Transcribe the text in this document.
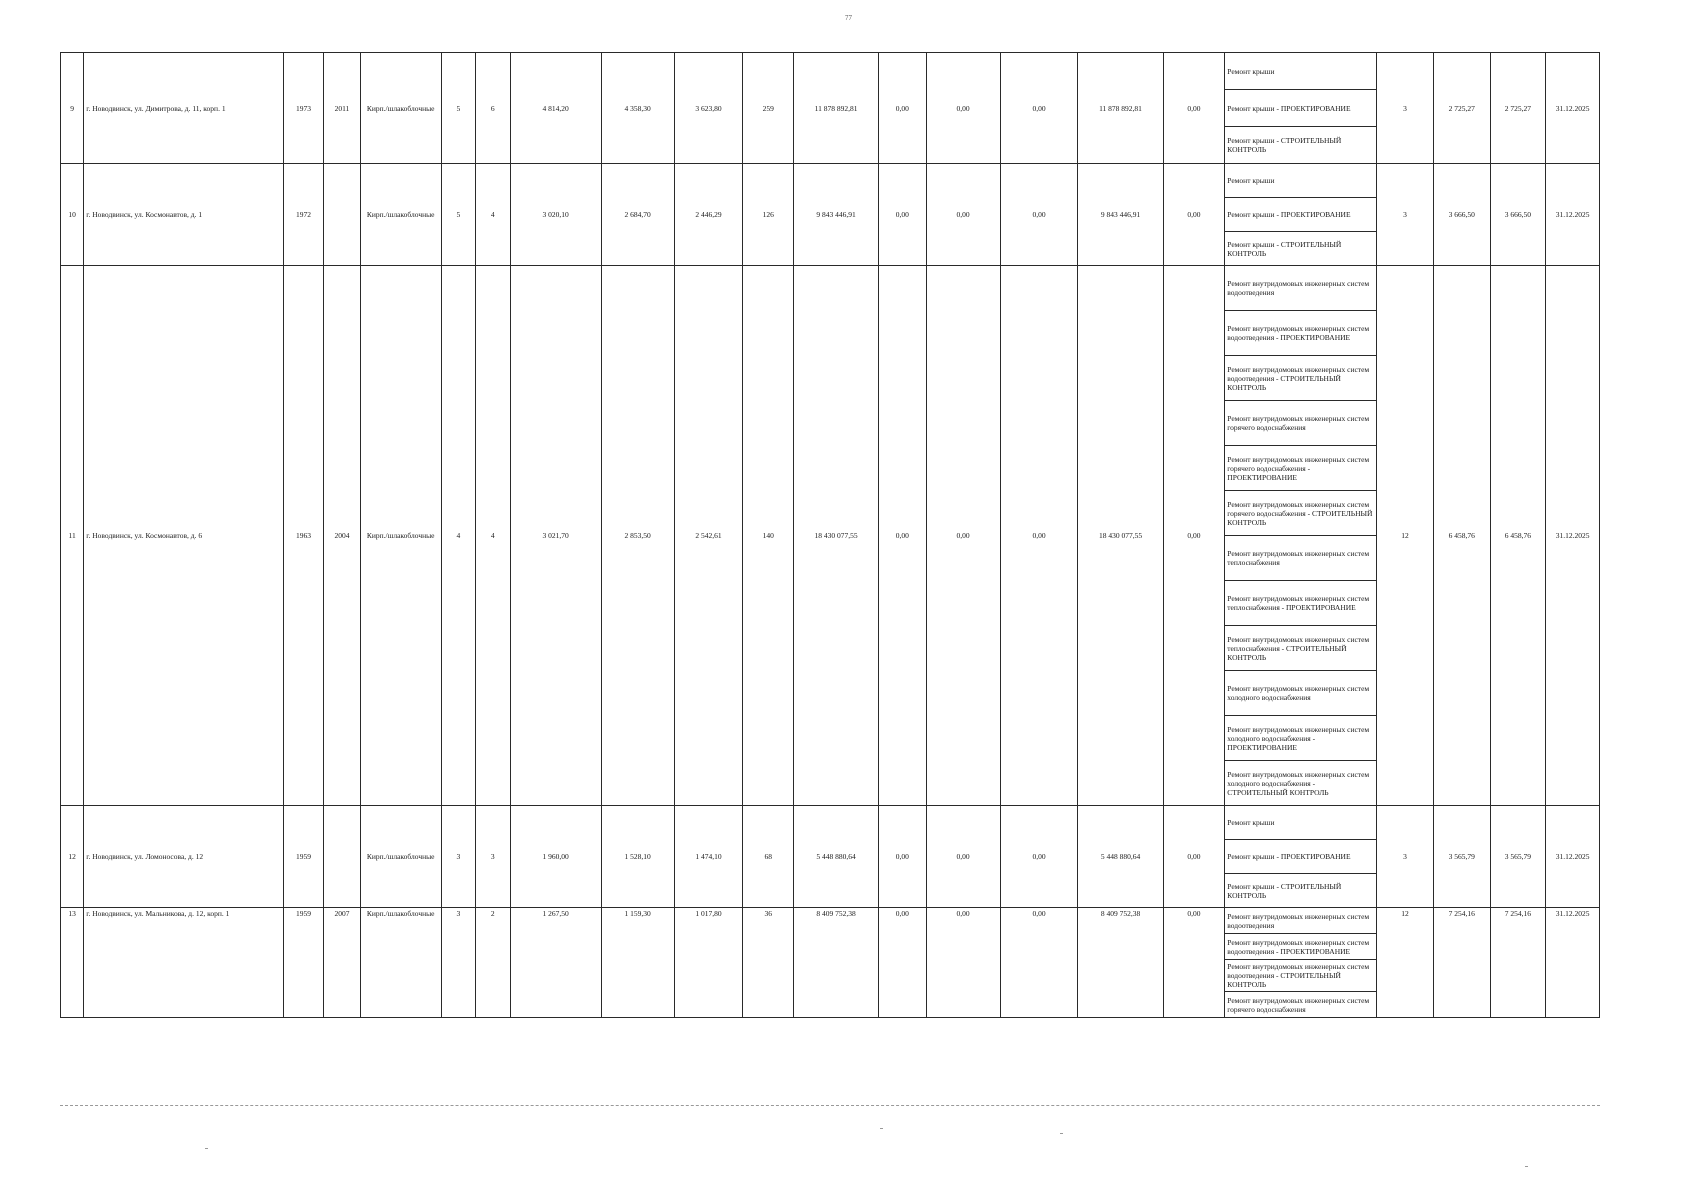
77
9	г. Новодвинск, ул. Димитрова, д. 11, корп. 1	1973	2011	Кирп./шлакоблочные	5	6	4 814,20	4 358,30	3 623,80	259	11 878 892,81	0,00	0,00	0,00	11 878 892,81	0,00	Ремонт крыши	3	2 725,27	2 725,27	31.12.2025
																	Ремонт крыши - ПРОЕКТИРОВАНИЕ				
																	Ремонт крыши - СТРОИТЕЛЬНЫЙ КОНТРОЛЬ				
10	г. Новодвинск, ул. Космонавтов, д. 1	1972		Кирп./шлакоблочные	5	4	3 020,10	2 684,70	2 446,29	126	9 843 446,91	0,00	0,00	0,00	9 843 446,91	0,00	Ремонт крыши	3	3 666,50	3 666,50	31.12.2025
																	Ремонт крыши - ПРОЕКТИРОВАНИЕ				
																	Ремонт крыши - СТРОИТЕЛЬНЫЙ КОНТРОЛЬ				
11	г. Новодвинск, ул. Космонавтов, д. 6	1963	2004	Кирп./шлакоблочные	4	4	3 021,70	2 853,50	2 542,61	140	18 430 077,55	0,00	0,00	0,00	18 430 077,55	0,00	Ремонт внутридомовых инженерных систем водоотведения	12	6 458,76	6 458,76	31.12.2025
																	Ремонт внутридомовых инженерных систем водоотведения - ПРОЕКТИРОВАНИЕ				
																	Ремонт внутридомовых инженерных систем водоотведения - СТРОИТЕЛЬНЫЙ КОНТРОЛЬ				
																	Ремонт внутридомовых инженерных систем горячего водоснабжения				
																	Ремонт внутридомовых инженерных систем горячего водоснабжения - ПРОЕКТИРОВАНИЕ				
																	Ремонт внутридомовых инженерных систем горячего водоснабжения - СТРОИТЕЛЬНЫЙ КОНТРОЛЬ				
																	Ремонт внутридомовых инженерных систем теплоснабжения				
																	Ремонт внутридомовых инженерных систем теплоснабжения - ПРОЕКТИРОВАНИЕ				
																	Ремонт внутридомовых инженерных систем теплоснабжения - СТРОИТЕЛЬНЫЙ КОНТРОЛЬ				
																	Ремонт внутридомовых инженерных систем холодного водоснабжения				
																	Ремонт внутридомовых инженерных систем холодного водоснабжения - ПРОЕКТИРОВАНИЕ				
																	Ремонт внутридомовых инженерных систем холодного водоснабжения - СТРОИТЕЛЬНЫЙ КОНТРОЛЬ				
12	г. Новодвинск, ул. Ломоносова, д. 12	1959		Кирп./шлакоблочные	3	3	1 960,00	1 528,10	1 474,10	68	5 448 880,64	0,00	0,00	0,00	5 448 880,64	0,00	Ремонт крыши	3	3 565,79	3 565,79	31.12.2025
																	Ремонт крыши - ПРОЕКТИРОВАНИЕ				
																	Ремонт крыши - СТРОИТЕЛЬНЫЙ КОНТРОЛЬ				
13	г. Новодвинск, ул. Мальникова, д. 12, корп. 1	1959	2007	Кирп./шлакоблочные	3	2	1 267,50	1 159,30	1 017,80	36	8 409 752,38	0,00	0,00	0,00	8 409 752,38	0,00	Ремонт внутридомовых инженерных систем водоотведения	12	7 254,16	7 254,16	31.12.2025
																	Ремонт внутридомовых инженерных систем водоотведения - ПРОЕКТИРОВАНИЕ				
																	Ремонт внутридомовых инженерных систем водоотведения - СТРОИТЕЛЬНЫЙ КОНТРОЛЬ				
																	Ремонт внутридомовых инженерных систем горячего водоснабжения				
